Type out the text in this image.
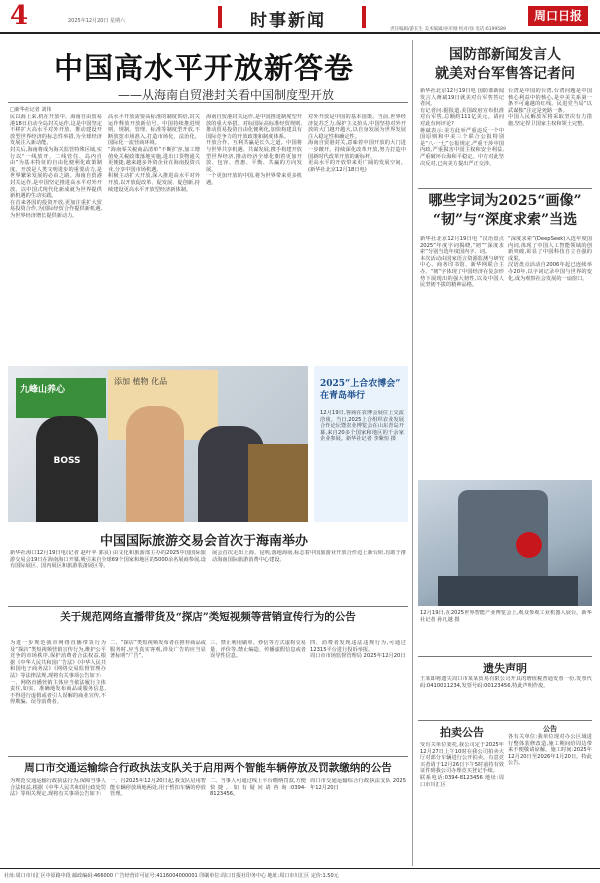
4	2025年12月20日 星期六	时事新闻	责任编辑/游长生 美术编辑/孙军刚 校对/徐 电话:6199589
周口日报
中国高水平开放新答卷
——从海南自贸港封关看中国制度型开放
□新华社记者 刘伟

民以海上来,机在开放中。海南自由贸易港18日启动全岛封关运作,这是中国坚定不移扩大高水平对外开放、推动建设开放型世界经济的标志性举措,为全球经济发展注入新动能。

封关后,海南将成为海关监管特殊区域,实行以“一线放开、二线管住、岛内自由”为基本特征的自由化便利化政策制度。开放是人类文明进步的重要动力,是世界繁荣发展的必由之路。海南自贸港封关运作,是中国坚定推进高水平对外开放、以中国式现代化新成就为世界提供新机遇的生动实践。

在首来各国的投资开放,更加注重扩大贸易投资合作,为国际经贸合作提供新机遇,为世界经济增长提供新动力。

高水平开放需要高标准的制度供给,封关运作释放开放新信号。中国持续推进规则、规制、管理、标准等制度型开放,不断放宽市场准入,打造市场化、法治化、国际化一流营商环境。

“海南零关税商品清单”不断扩容,加工增值免关税政策落地实施,进出口货物通关更便捷,越来越多外资企业在海南投资兴业,分享中国市场机遇。

积极主动扩大开放,深入推进高水平对外开放,以开放促改革、促发展、促创新,持续建设更高水平开放型经济新体制。

海南自贸港封关运作,是中国推进制度型开放的重大举措。对标国际高标准经贸规则,推动贸易投资自由化便利化,加快构建具有国际竞争力的开放政策和制度体系。

开放合作、互利共赢是长久之道。中国将与世界共享机遇、共谋发展,携手构建开放型世界经济,推动经济全球化朝着更加开放、包容、普惠、平衡、共赢的方向发展。

一个更加开放的中国,将为世界带来更多机遇。

对外开放是中国的基本国策。当前,世界经济复苏乏力,保护主义抬头,中国坚持对外开放的大门越开越大,以自身发展为世界发展注入稳定性和确定性。

海南自贸港封关,意味着中国开放的大门进一步敞开。持续深化改革开放,努力打造中国新时代改革开放的新标杆。

更高水平的开放带来更广阔的发展空间。(新华社北京12月18日电)

国防部新闻发言人
就美对台军售答记者问

新华社北京12月19日电 国防部新闻发言人蒋斌19日就美对台军售答记者问。

有记者问:据报道,美国政府宣布批准对台军售,总额约111亿美元。请问对此有何评论?

蒋斌表示:美方此举严重违反一个中国原则和中美三个联合公报特别是“八·一七”公报规定,严重干涉中国内政,严重损害中国主权和安全利益,严重破坏台海和平稳定。中方对此坚决反对,已向美方提出严正交涉。

台湾是中国的台湾,台湾问题是中国核心利益中的核心,是中美关系第一条不可逾越的红线。民进党当局“以武谋独”注定是死路一条。

中国人民解放军将采取坚决有力措施,坚定捍卫国家主权和领土完整。

哪些字词为2025“画像”
“韧”与“深度求索”当选

新华社北京12月19日电 “汉语盘点2025”年度字词揭晓,“韧”“深度求索”分别当选年度国内字、词。

本次活动由国家语言资源监测与研究中心、商务印书馆、新华网联合主办。“韧”字体现了中国经济在复杂形势下展现出的强大韧性,以及中国人民坚韧不拔的精神品格。

“深度求索”(DeepSeek)入选年度国内词,体现了中国人工智能领域的创新突破,彰显了中国科技自立自强的成果。

汉语盘点活动自2006年起已连续举办20年,以字词记录中国与世界的变化,成为观察社会发展的一扇窗口。

九峰山养心
添加 植物 化品
BOSS
2025“上合农博会”
在青岛举行
12月19日,客商在农博会展位上交流洽谈。当日,2025上合组织农业发展合作论坛暨农业博览会在山东青岛开幕,来自20多个国家和地区的千余家企业参展。新华社记者 李紫恒 摄
中国国际旅游交易会首次于海南举办
新华社海口12月19日电(记者 赵叶苹 郭良) 由文化和旅游部主办的2025中国国际旅游交易会19日在海南海口开幕,吸引来自全球69个国家和地区的5000余名展商参展,设有国际展区、国内展区和旅游装备展区等。
展会首次走出上海、昆明,落地海南,标志着中国旅游业开放合作迈上新台阶,有助于推动海南国际旅游消费中心建设。
关于规范网络直播带货及“探店”类短视频等营销宣传行为的公告

为进一步规范我市网络直播带货行为及“探店”类短视频营销宣传行为,维护公平竞争的市场秩序,保护消费者合法权益,根据《中华人民共和国广告法》《中华人民共和国电子商务法》《网络交易监督管理办法》等法律法规,现将有关事项公告如下:

一、网络直播营销主体应当依法履行主体责任,如实、准确地发布商品或服务信息,不得进行虚假或者引人误解的商业宣传,不得欺骗、误导消费者。

二、“探店”类短视频发布者在推荐商品或服务时,应当真实客观,涉及广告的应当显著标明“广告”。

三、禁止利用刷单、炒信等方式虚构交易量、评价等,禁止编造、传播虚假信息或者误导性信息。

四、消费者发现违法违规行为,可通过12315平台进行投诉举报。

周口市市场监督管理局 2025年12月20日

12月19日,在2025世界智能产业博览会上,观众参观工业机器人展台。新华社记者 孙凡越 摄
遗失声明
王某即将遗失周口市某某贸易有限公司开具的增值税普通发票一份,发票代码:0410011234,发票号码:00123456,特此声明作废。
拍卖公告

受有关单位委托,我公司定于2025年12月27日上午10时在我公司拍卖大厅对部分车辆进行公开拍卖。有意竞买者请于12月26日下午5时前持有效证件到我公司办理竞买登记手续。

联系电话:0394-8123456 地址:周口市川汇区

公告

各有关单位:我单位现对办公区域进行整体装修改造,施工期间给周边带来不便敬请谅解。施工时间:2025年12月20日至2026年1月20日。特此公告。

周口市交通运输综合行政执法支队关于启用两个智能车辆停放及罚款缴纳的公告
为规范交通运输行政执法行为,保障当事人合法权益,根据《中华人民共和国行政处罚法》等相关规定,现将有关事项公告如下:
一、自2025年12月20日起,我支队启用智能车辆停放场地两处,用于暂扣车辆的停放管理。
二、当事人可通过线上平台缴纳罚款,方便快捷。如有疑问请咨询:0394-8123456。
周口市交通运输综合行政执法支队 2025年12月20日
社址:周口市川汇区中原路中段 邮政编码:466000 广告经营许可证号:4116004000001 印刷单位:周口日报社印务中心 地址:周口市川汇区 定价:1.50元
